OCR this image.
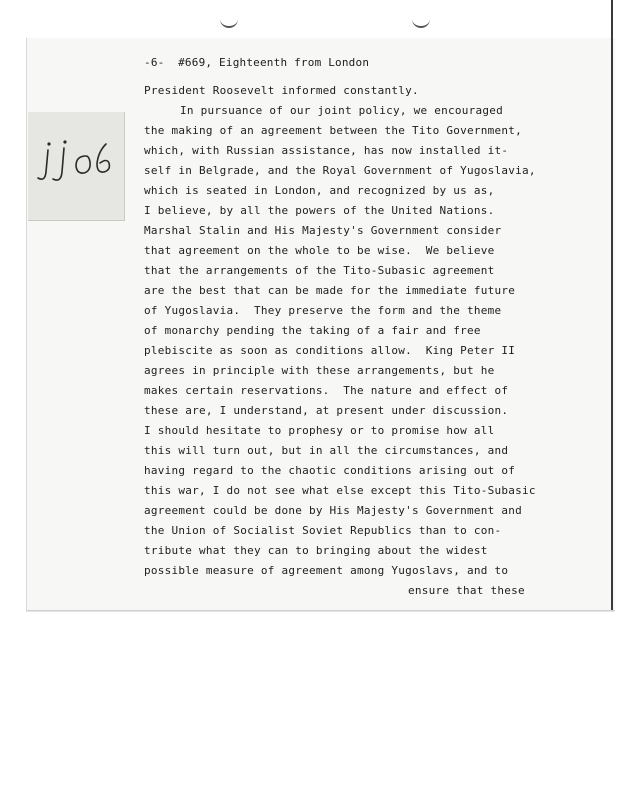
-6-  #669, Eighteenth from London
President Roosevelt informed constantly.
In pursuance of our joint policy, we encouraged
the making of an agreement between the Tito Government,
which, with Russian assistance, has now installed it-
self in Belgrade, and the Royal Government of Yugoslavia,
which is seated in London, and recognized by us as,
I believe, by all the powers of the United Nations.
Marshal Stalin and His Majesty's Government consider
that agreement on the whole to be wise.  We believe
that the arrangements of the Tito-Subasic agreement
are the best that can be made for the immediate future
of Yugoslavia.  They preserve the form and the theme
of monarchy pending the taking of a fair and free
plebiscite as soon as conditions allow.  King Peter II
agrees in principle with these arrangements, but he
makes certain reservations.  The nature and effect of
these are, I understand, at present under discussion.
I should hesitate to prophesy or to promise how all
this will turn out, but in all the circumstances, and
having regard to the chaotic conditions arising out of
this war, I do not see what else except this Tito-Subasic
agreement could be done by His Majesty's Government and
the Union of Socialist Soviet Republics than to con-
tribute what they can to bringing about the widest
possible measure of agreement among Yugoslavs, and to
ensure that these
